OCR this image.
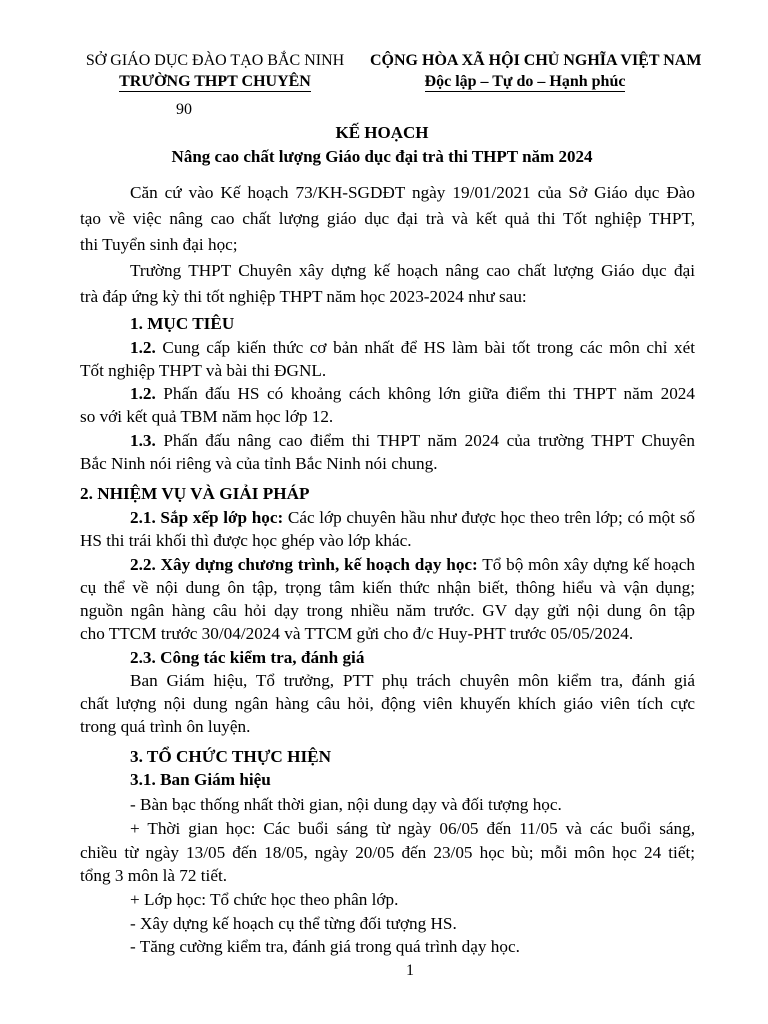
SỞ GIÁO DỤC ĐÀO TẠO BẮC NINH
TRƯỜNG THPT CHUYÊN
90
CỘNG HÒA XÃ HỘI CHỦ NGHĨA VIỆT NAM
Độc lập – Tự do – Hạnh phúc
KẾ HOẠCH
Nâng cao chất lượng Giáo dục đại trà thi THPT năm 2024
Căn cứ vào Kế hoạch 73/KH-SGDĐT ngày 19/01/2021 của Sở Giáo dục Đào
tạo về việc nâng cao chất lượng giáo dục đại trà và kết quả thi Tốt nghiệp THPT,
thi Tuyển sinh đại học;
Trường THPT Chuyên xây dựng kế hoạch nâng cao chất lượng Giáo dục đại
trà đáp ứng kỳ thi tốt nghiệp THPT năm học 2023-2024 như sau:
1. MỤC TIÊU
1.2. Cung cấp kiến thức cơ bản nhất để HS làm bài tốt trong các môn chỉ xét
Tốt nghiệp THPT và bài thi ĐGNL.
1.2. Phấn đấu HS có khoảng cách không lớn giữa điểm thi THPT năm 2024
so với kết quả TBM năm học lớp 12.
1.3. Phấn đấu nâng cao điểm thi THPT năm 2024 của trường THPT Chuyên
Bắc Ninh nói riêng và của tỉnh Bắc Ninh nói chung.
2. NHIỆM VỤ VÀ GIẢI PHÁP
2.1. Sắp xếp lớp học: Các lớp chuyên hầu như được học theo trên lớp; có một số
HS thi trái khối thì được học ghép vào lớp khác.
2.2. Xây dựng chương trình, kế hoạch dạy học: Tổ bộ môn xây dựng kế hoạch
cụ thể về nội dung ôn tập, trọng tâm kiến thức nhận biết, thông hiểu và vận dụng;
nguồn ngân hàng câu hỏi dạy trong nhiều năm trước. GV dạy gửi nội dung ôn tập
cho TTCM trước 30/04/2024 và TTCM gửi cho đ/c Huy-PHT trước 05/05/2024.
2.3. Công tác kiểm tra, đánh giá
Ban Giám hiệu, Tổ trưởng, PTT phụ trách chuyên môn kiểm tra, đánh giá
chất lượng nội dung ngân hàng câu hỏi, động viên khuyến khích giáo viên tích cực
trong quá trình ôn luyện.
3. TỔ CHỨC THỰC HIỆN
3.1. Ban Giám hiệu
- Bàn bạc thống nhất thời gian, nội dung dạy và đối tượng học.
+ Thời gian học: Các buổi sáng từ ngày 06/05 đến 11/05 và các buổi sáng,
chiều từ ngày 13/05 đến 18/05, ngày 20/05 đến 23/05 học bù; mỗi môn học 24 tiết;
tổng 3 môn là 72 tiết.
+ Lớp học: Tổ chức học theo phân lớp.
- Xây dựng kế hoạch cụ thể từng đối tượng HS.
- Tăng cường kiểm tra, đánh giá trong quá trình dạy học.
1
